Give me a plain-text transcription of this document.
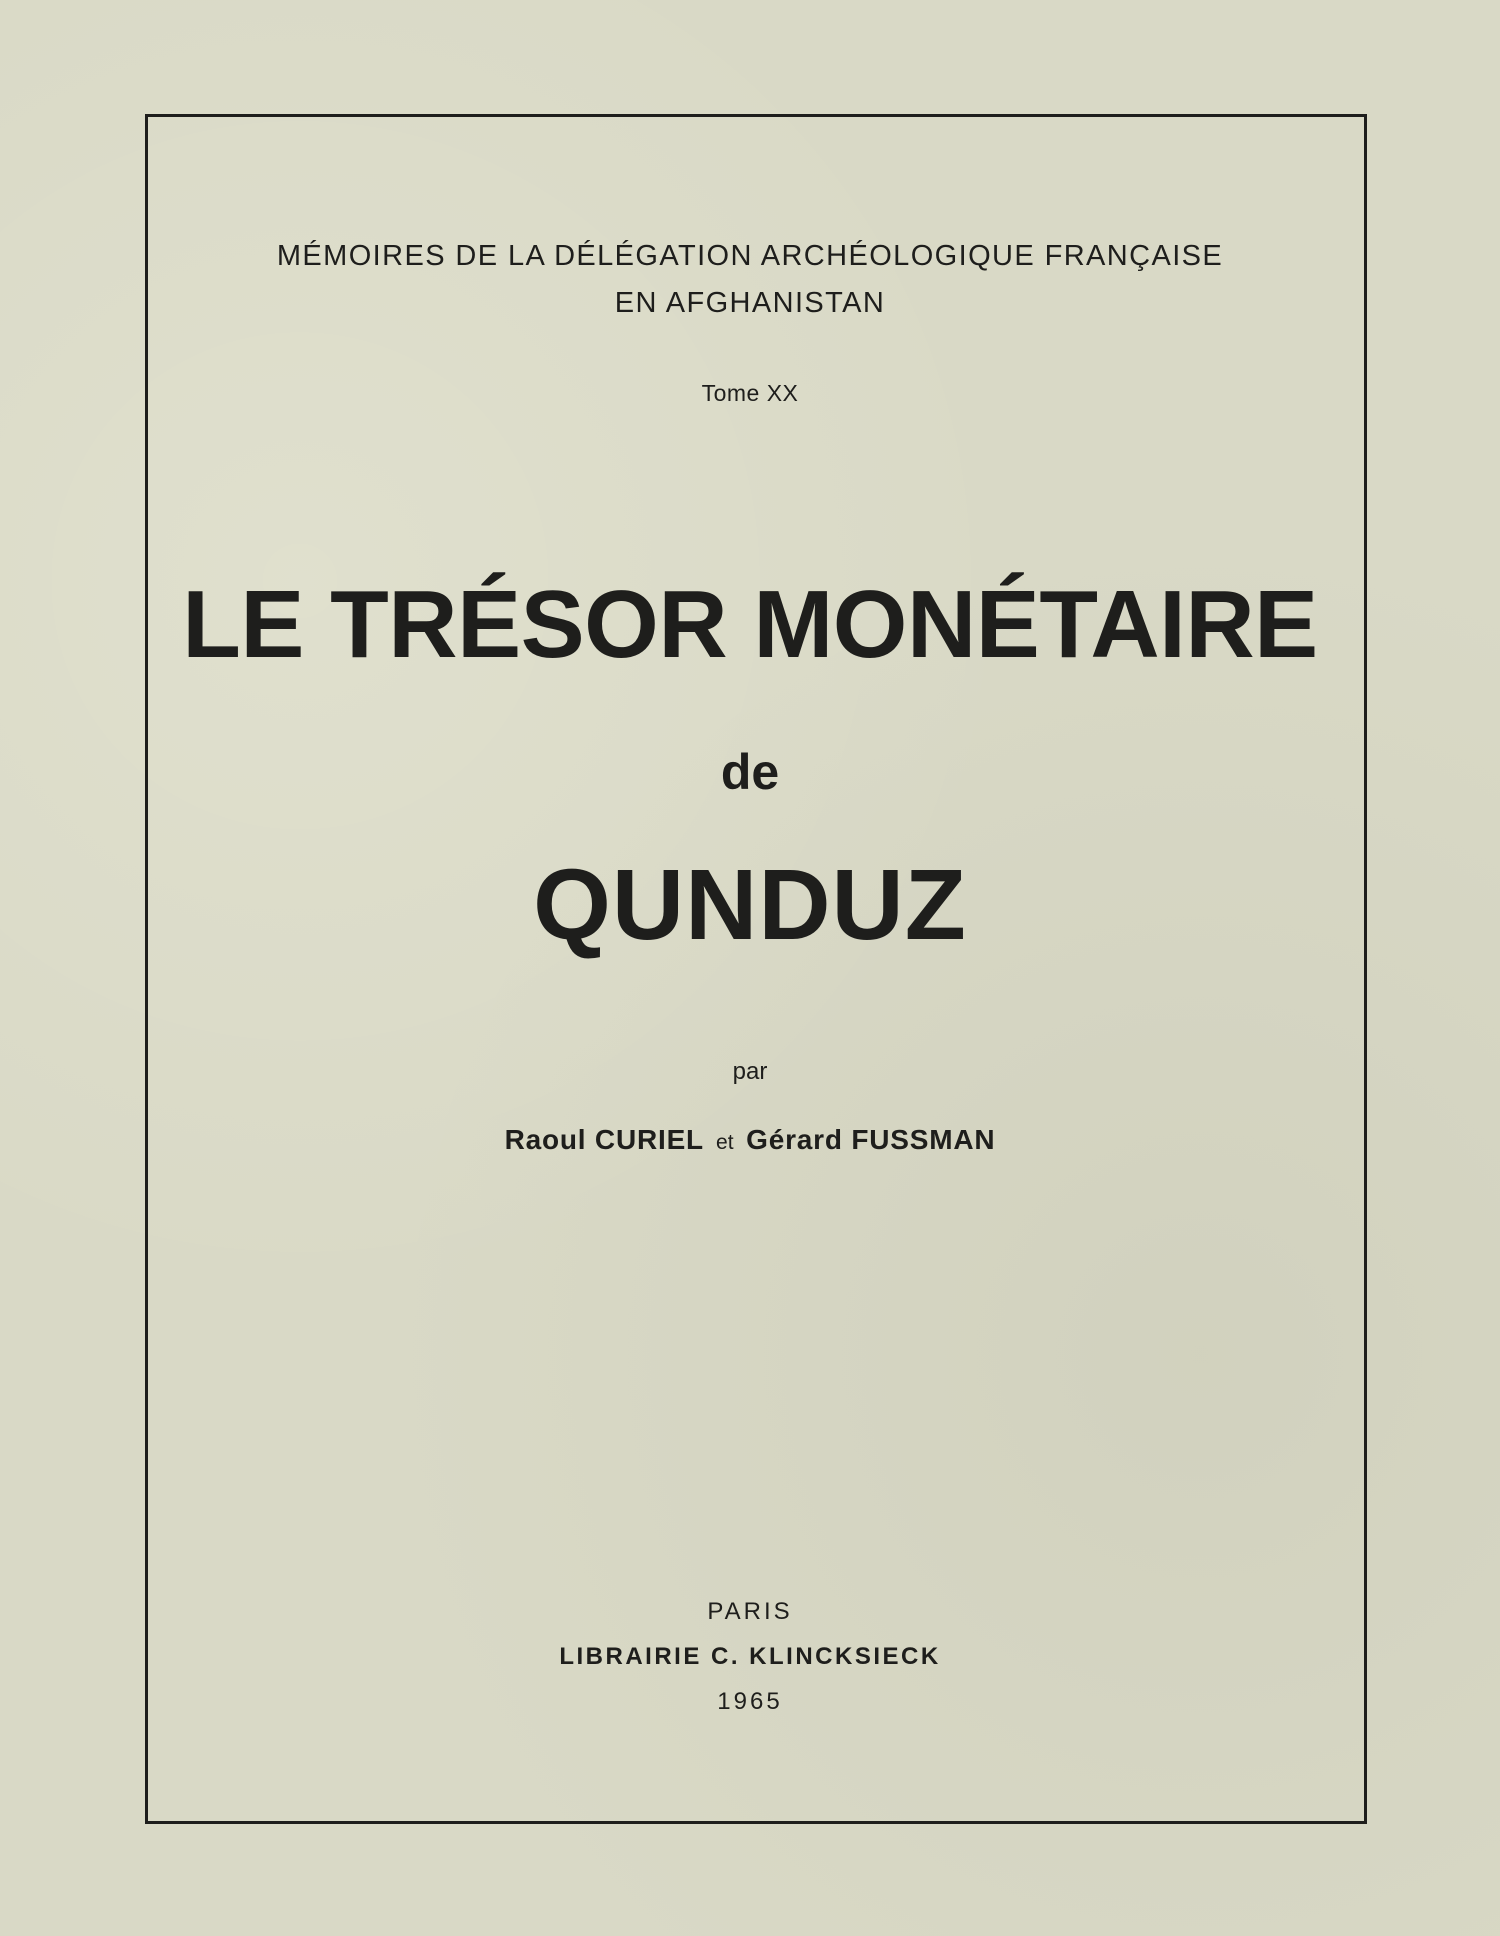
MÉMOIRES DE LA DÉLÉGATION ARCHÉOLOGIQUE FRANÇAISE
EN AFGHANISTAN
Tome XX
LE TRÉSOR MONÉTAIRE
de
QUNDUZ
par
Raoul CURIEL et Gérard FUSSMAN
PARIS
LIBRAIRIE C. KLINCKSIECK
1965
